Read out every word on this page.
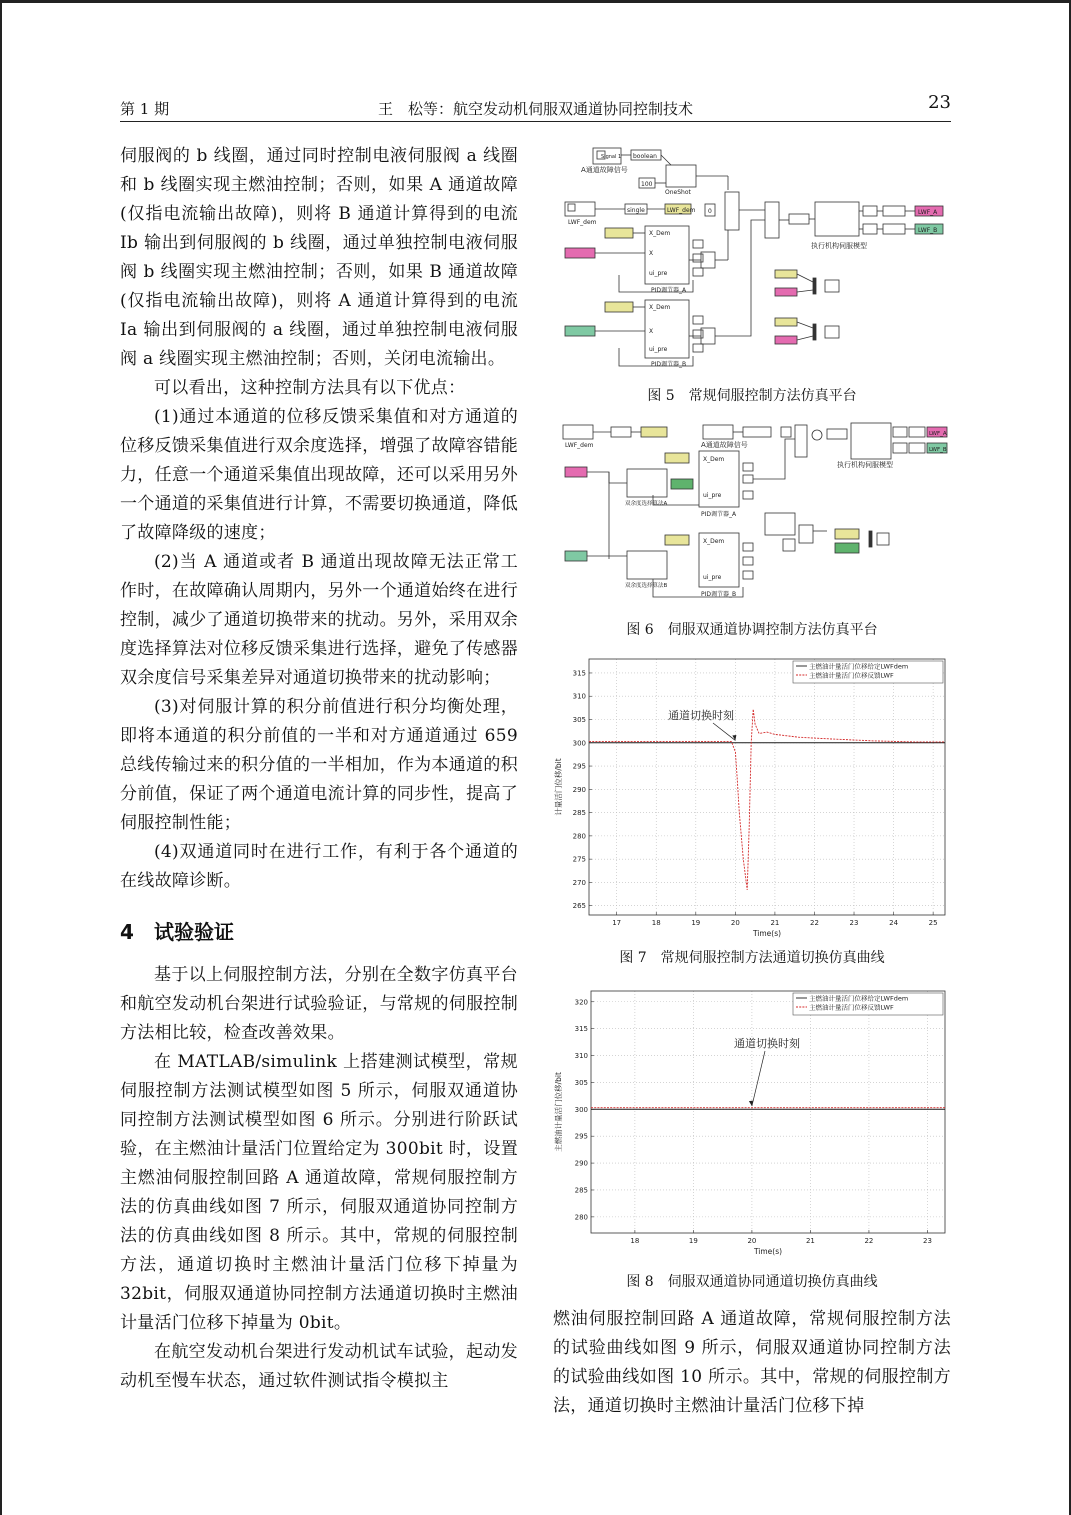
第 1 期	王　松等：航空发动机伺服双通道协同控制技术	23

伺服阀的 b 线圈，通过同时控制电液伺服阀 a 线圈和 b 线圈实现主燃油控制；否则，如果 A 通道故障(仅指电流输出故障)，则将 B 通道计算得到的电流 Ib 输出到伺服阀的 b 线圈，通过单独控制电液伺服阀 b 线圈实现主燃油控制；否则，如果 B 通道故障(仅指电流输出故障)，则将 A 通道计算得到的电流 Ia 输出到伺服阀的 a 线圈，通过单独控制电液伺服阀 a 线圈实现主燃油控制；否则，关闭电流输出。

可以看出，这种控制方法具有以下优点：

(1)通过本通道的位移反馈采集值和对方通道的位移反馈采集值进行双余度选择，增强了故障容错能力，任意一个通道采集值出现故障，还可以采用另外一个通道的采集值进行计算，不需要切换通道，降低了故障降级的速度；

(2)当 A 通道或者 B 通道出现故障无法正常工作时，在故障确认周期内，另外一个通道始终在进行控制，减少了通道切换带来的扰动。另外，采用双余度选择算法对位移反馈采集进行选择，避免了传感器双余度信号采集差异对通道切换带来的扰动影响；

(3)对伺服计算的积分前值进行积分均衡处理，即将本通道的积分前值的一半和对方通道通过 659 总线传输过来的积分值的一半相加，作为本通道的积分前值，保证了两个通道电流计算的同步性，提高了伺服控制性能；

(4)双通道同时在进行工作，有利于各个通道的在线故障诊断。

4 试验验证

基于以上伺服控制方法，分别在全数字仿真平台和航空发动机台架进行试验验证，与常规的伺服控制方法相比较，检查改善效果。

在 MATLAB/simulink 上搭建测试模型，常规伺服控制方法测试模型如图 5 所示，伺服双通道协同控制方法测试模型如图 6 所示。分别进行阶跃试验，在主燃油计量活门位置给定为 300bit 时，设置主燃油伺服控制回路 A 通道故障，常规伺服控制方法的仿真曲线如图 7 所示，伺服双通道协同控制方法的仿真曲线如图 8 所示。其中，常规的伺服控制方法，通道切换时主燃油计量活门位移下掉量为 32bit，伺服双通道协同控制方法通道切换时主燃油计量活门位移下掉量为 0bit。

在航空发动机台架进行发动机试车试验，起动发动机至慢车状态，通过软件测试指令模拟主

A通道故障信号
执行机构伺服模型
PID调节器_A
PID调节器_B
LWF_dem
LWF_dem	LWF_A
LWF_B
boolean
single
OneShot
X_Dem
X
ui_pre
X_Dem
X
ui_pre
Signal 1
100
0

图 5　常规伺服控制方法仿真平台

A通道故障信号
执行机构伺服模型
PID调节器_A
PID调节器_B
双余度选择算法A
双余度选择算法B
LWF_dem
LWF_A
LWF_B
X_Dem
X_Dem
ui_pre
ui_pre

图 6　伺服双通道协调控制方法仿真平台

17	18	19	20	21	22	23	24	25
265
270
275
280
285
290
295
300
305
310
315
主燃油计量活门位移给定LWFdem
主燃油计量活门位移反馈LWF
Time(s)
计量活门位移/bit
通道切换时刻

图 7　常规伺服控制方法通道切换仿真曲线

18	19	20	21	22	23
280
285
290
295
300
305
310
315
320	主燃油计量活门位移给定LWFdem
主燃油计量活门位移反馈LWF
Time(s)
主燃油计量活门位移/bit
通道切换时刻

图 8　伺服双通道协同通道切换仿真曲线

燃油伺服控制回路 A 通道故障，常规伺服控制方法的试验曲线如图 9 所示，伺服双通道协同控制方法的试验曲线如图 10 所示。其中，常规的伺服控制方法，通道切换时主燃油计量活门位移下掉
